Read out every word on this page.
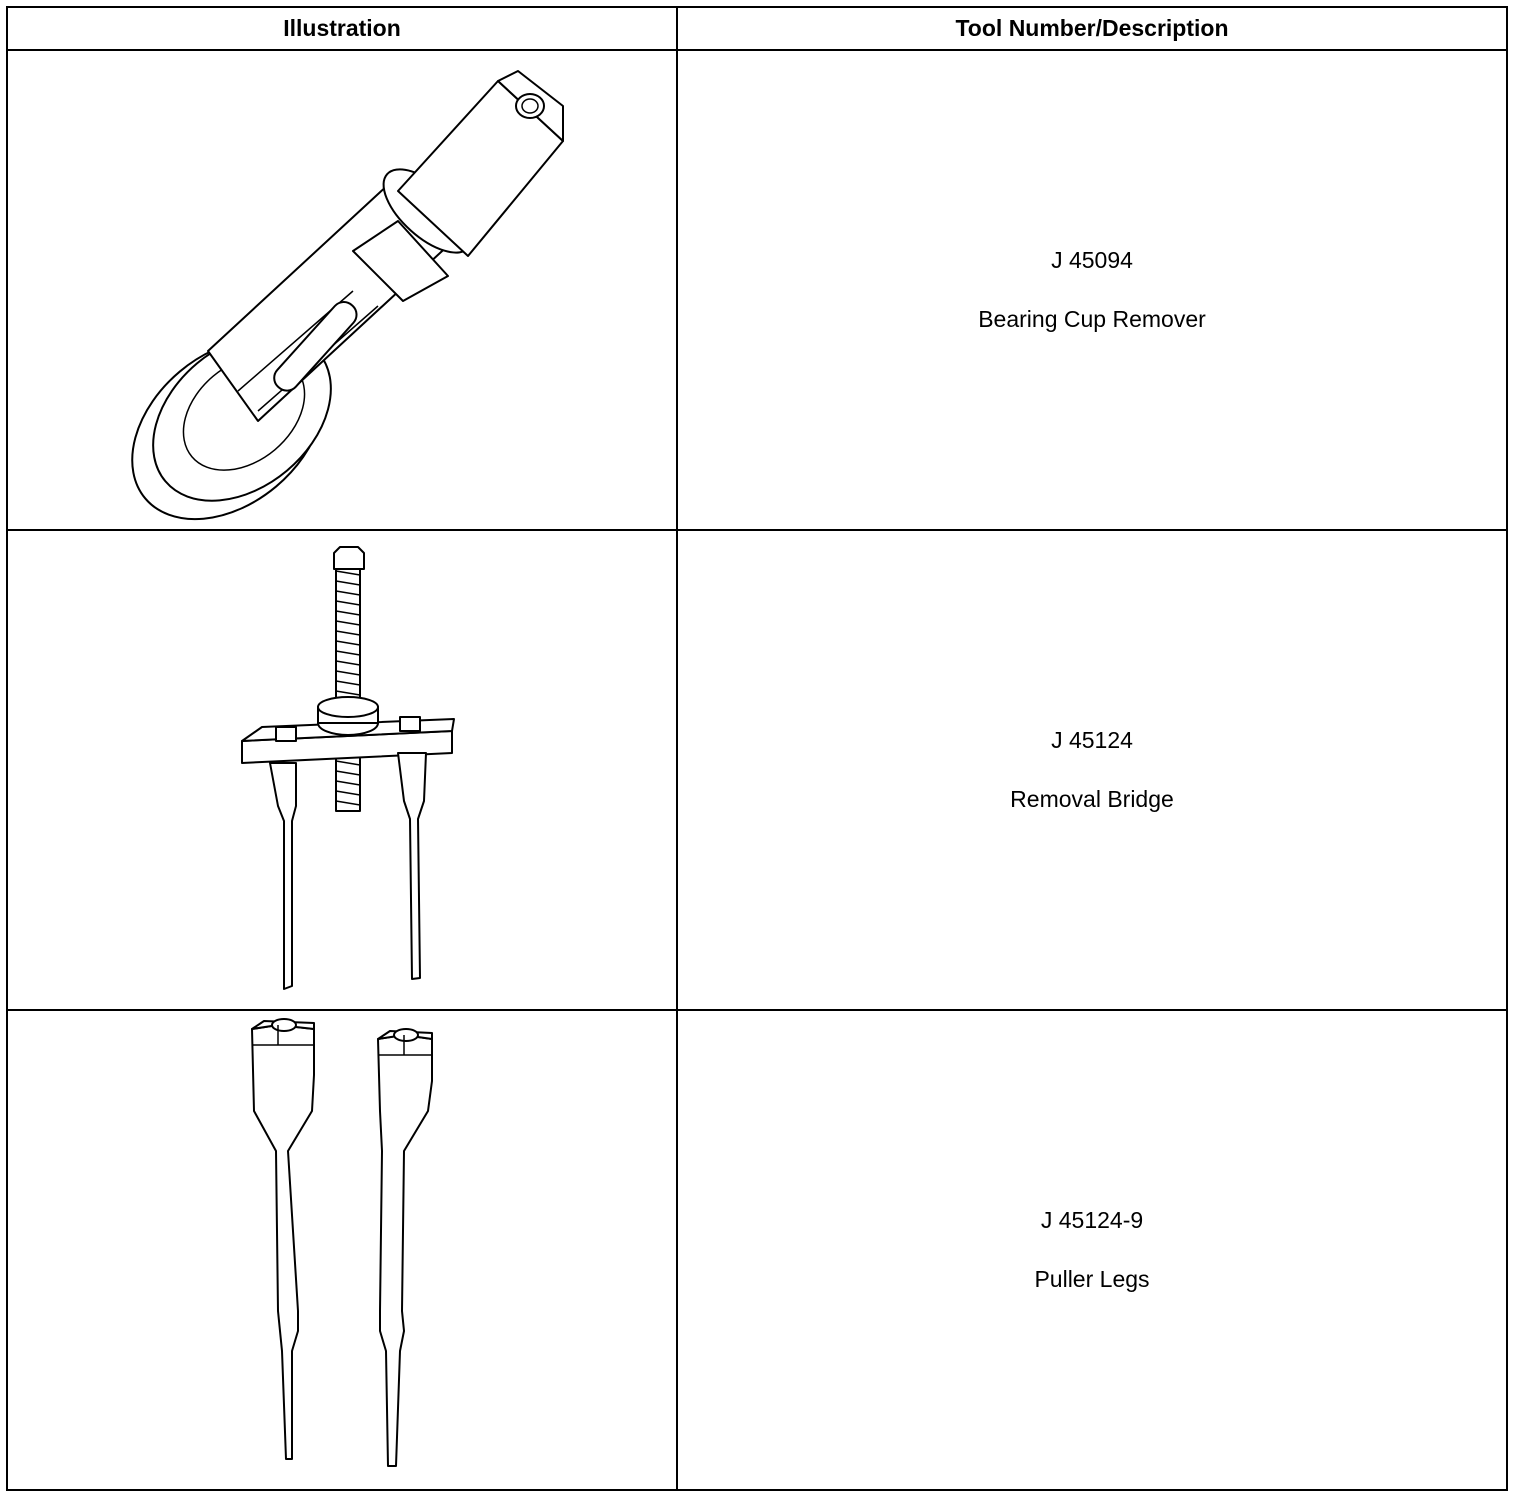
Illustration	Tool Number/Description

J 45094
Bearing Cup Remover

J 45124
Removal Bridge

J 45124-9
Puller Legs
